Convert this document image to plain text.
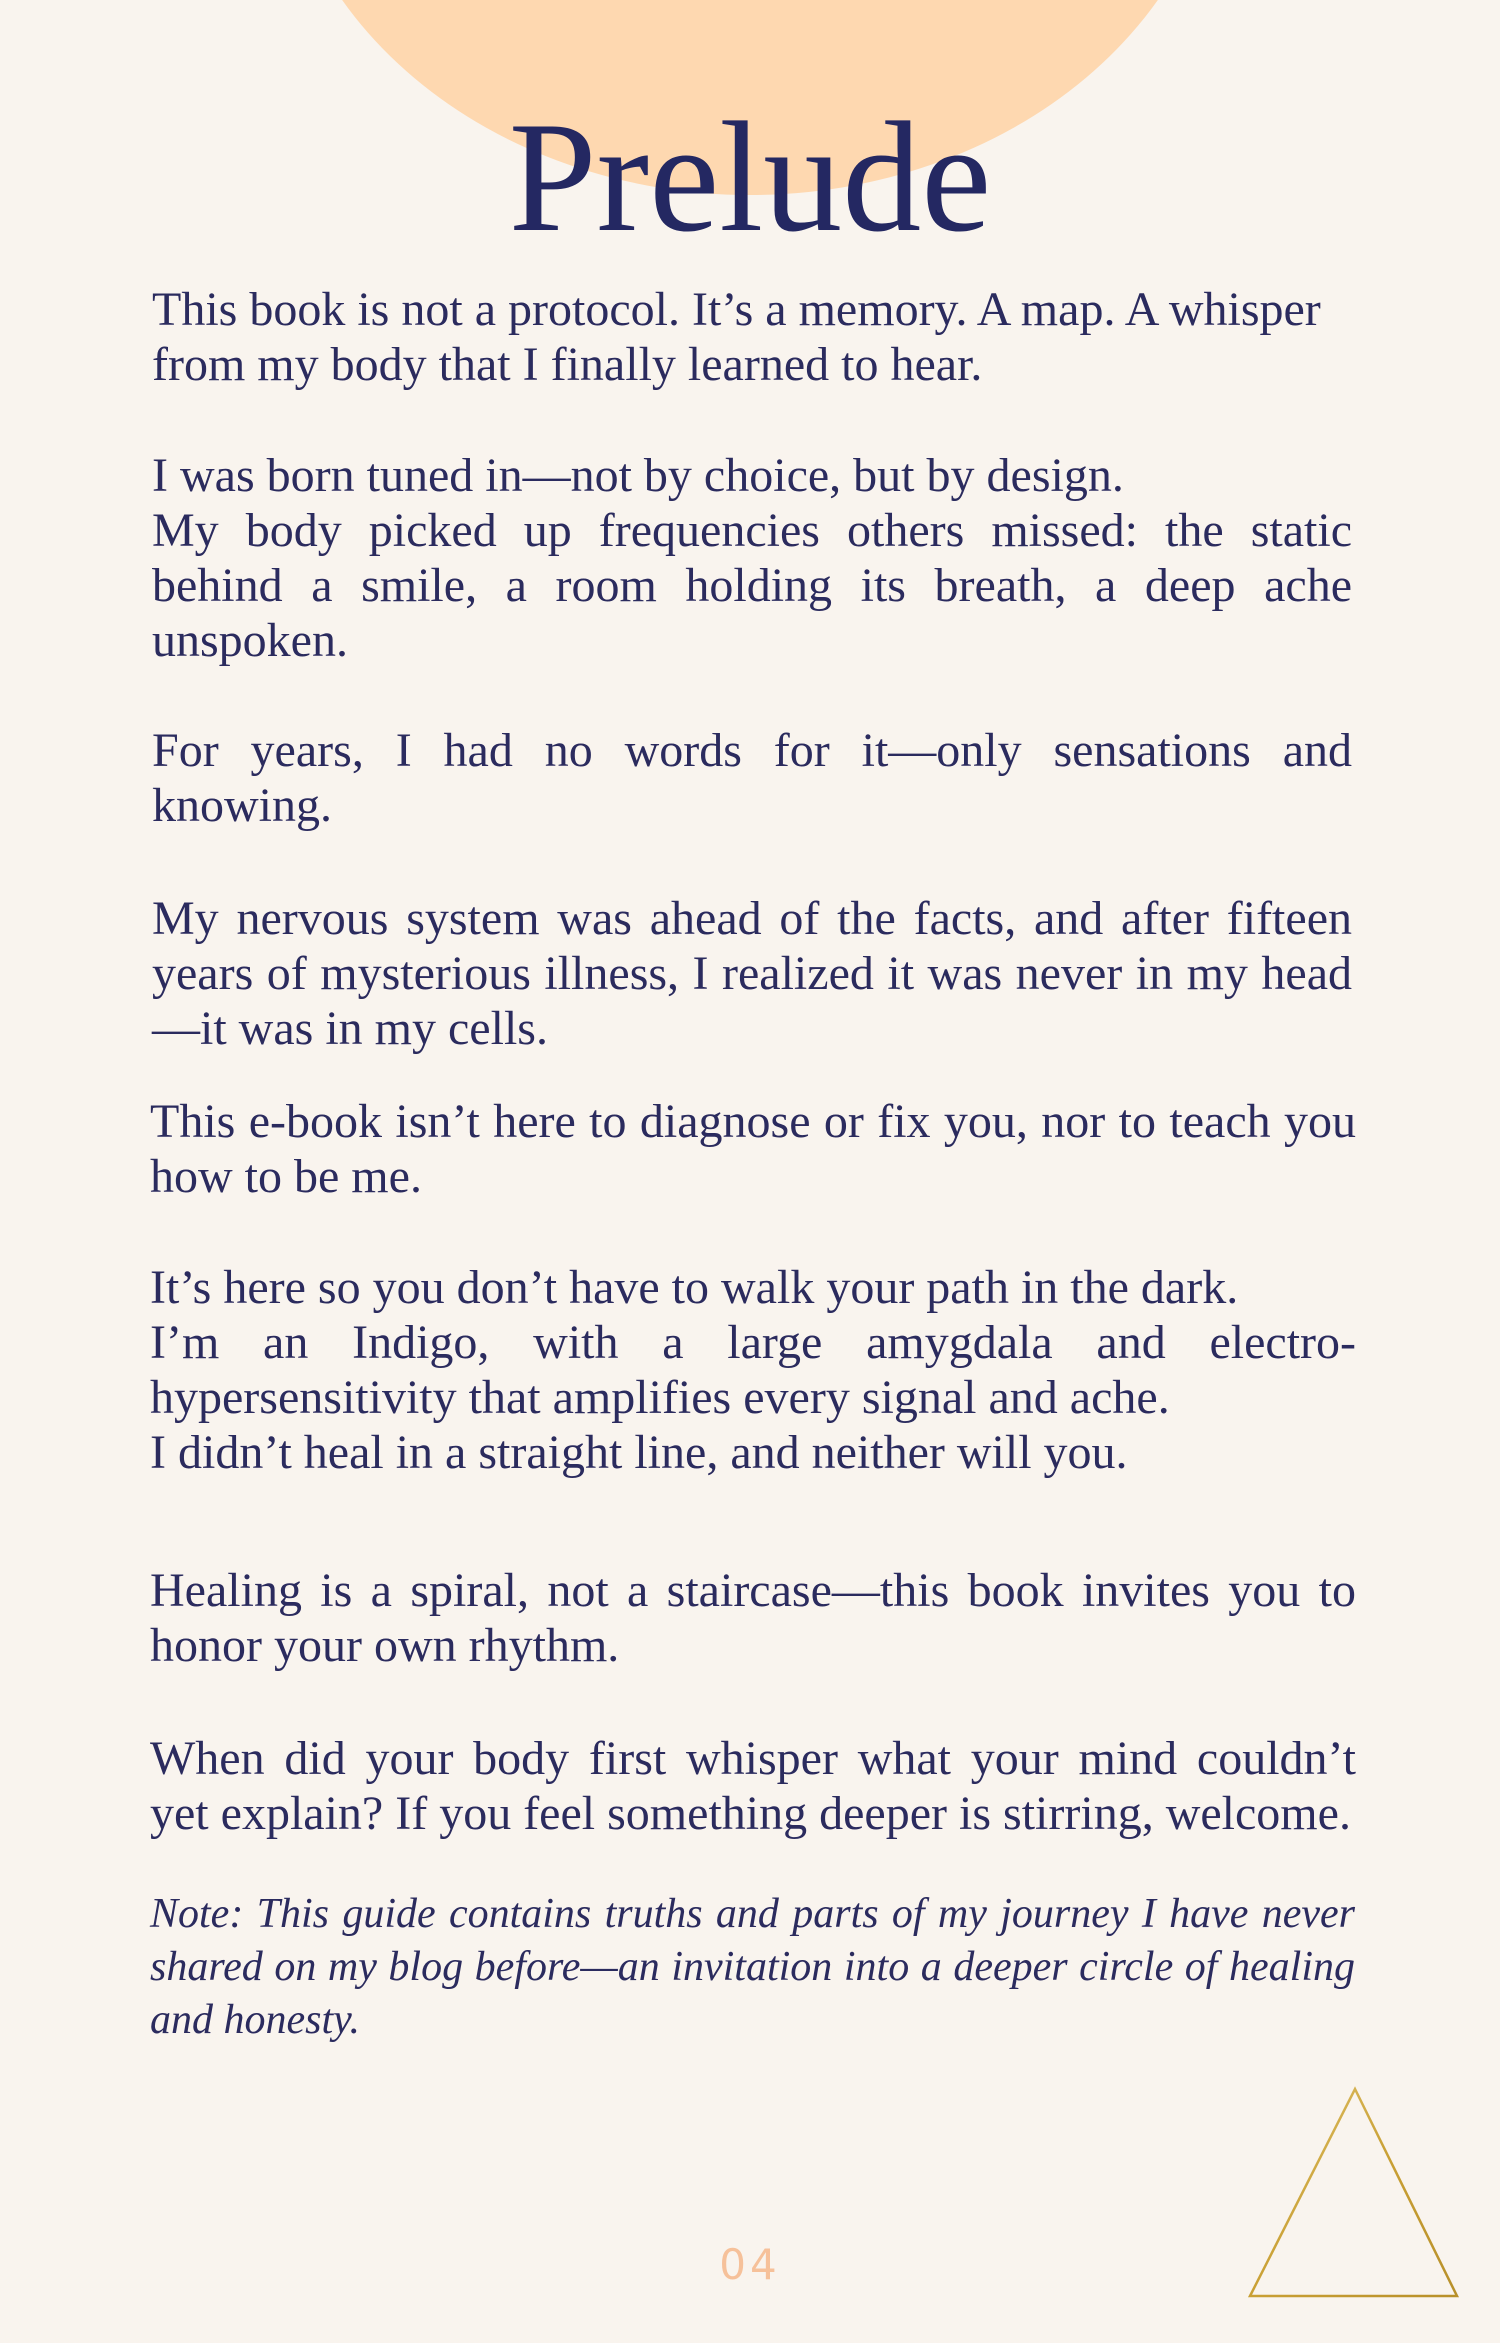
Prelude

This book is not a protocol. It’s a memory. A map. A whisper from my body that I finally learned to hear.

I was born tuned in—not by choice, but by design.
My body picked up frequencies others missed: the static behind a smile, a room holding its breath, a deep ache unspoken.

For years, I had no words for it—only sensations and knowing.

My nervous system was ahead of the facts, and after fifteen years of mysterious illness, I realized it was never in my head —it was in my cells.

This e-book isn’t here to diagnose or fix you, nor to teach you how to be me.

It’s here so you don’t have to walk your path in the dark.
I’m an Indigo, with a large amygdala and electro-hypersensitivity that amplifies every signal and ache.
I didn’t heal in a straight line, and neither will you.

Healing is a spiral, not a staircase—this book invites you to honor your own rhythm.

When did your body first whisper what your mind couldn’t yet explain? If you feel something deeper is stirring, welcome.

Note: This guide contains truths and parts of my journey I have never shared on my blog before—an invitation into a deeper circle of healing and honesty.

04
